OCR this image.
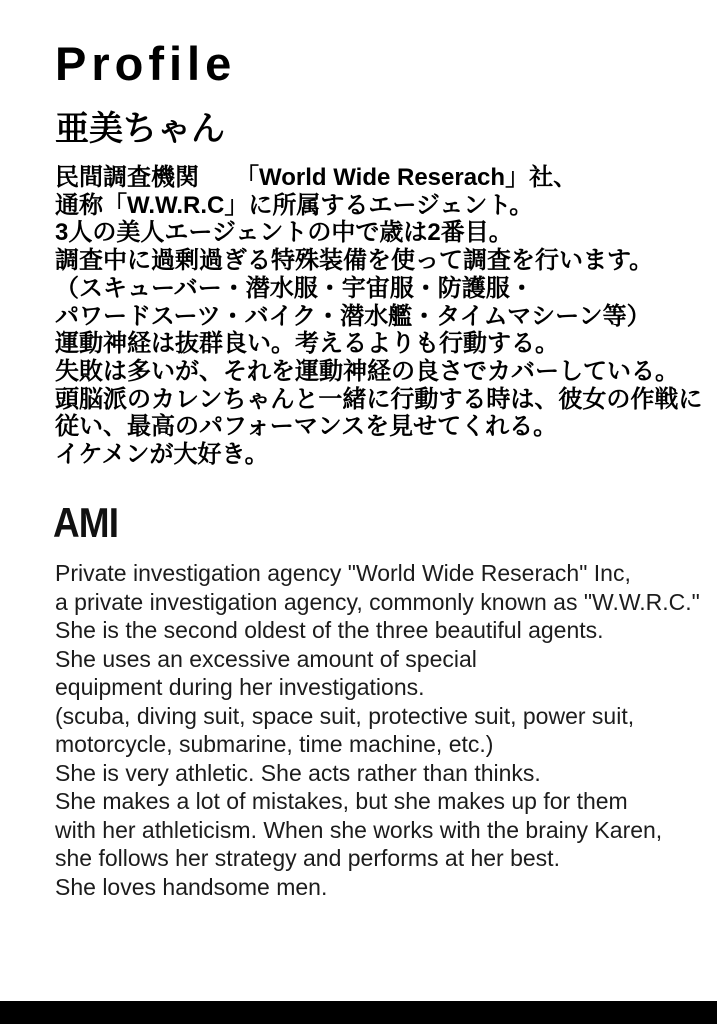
Profile
亜美ちゃん
民間調査機関　　「World Wide Reserach」社、
通称「W.W.R.C」に所属するエージェント。
3人の美人エージェントの中で歳は2番目。
調査中に過剰過ぎる特殊装備を使って調査を行います。
（スキューバー・潜水服・宇宙服・防護服・
パワードスーツ・バイク・潜水艦・タイムマシーン等）
運動神経は抜群良い。考えるよりも行動する。
失敗は多いが、それを運動神経の良さでカバーしている。
頭脳派のカレンちゃんと一緒に行動する時は、彼女の作戦に
従い、最高のパフォーマンスを見せてくれる。
イケメンが大好き。
AMI
Private investigation agency "World Wide Reserach" Inc,
a private investigation agency, commonly known as "W.W.R.C."
She is the second oldest of the three beautiful agents.
She uses an excessive amount of special
equipment during her investigations.
(scuba, diving suit, space suit, protective suit, power suit,
motorcycle, submarine, time machine, etc.)
She is very athletic. She acts rather than thinks.
She makes a lot of mistakes, but she makes up for them
with her athleticism. When she works with the brainy Karen,
she follows her strategy and performs at her best.
She loves handsome men.
